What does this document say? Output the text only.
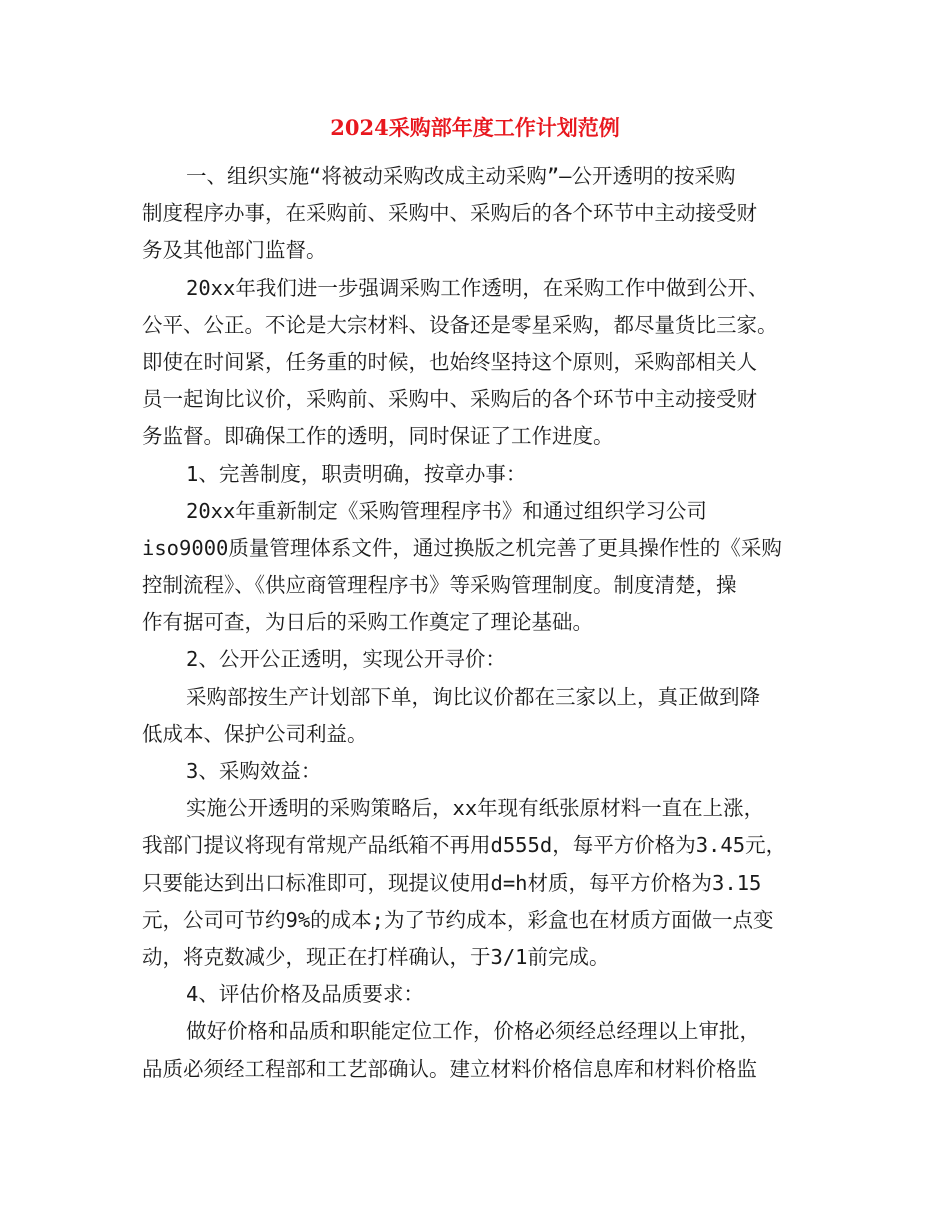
2024采购部年度工作计划范例
一、组织实施“将被动采购改成主动采购”—公开透明的按采购
制度程序办事，在采购前、采购中、采购后的各个环节中主动接受财
务及其他部门监督。
20xx年我们进一步强调采购工作透明，在采购工作中做到公开、
公平、公正。不论是大宗材料、设备还是零星采购，都尽量货比三家。
即使在时间紧，任务重的时候，也始终坚持这个原则，采购部相关人
员一起询比议价，采购前、采购中、采购后的各个环节中主动接受财
务监督。即确保工作的透明，同时保证了工作进度。
1、完善制度，职责明确，按章办事：
20xx年重新制定《采购管理程序书》和通过组织学习公司
iso9000质量管理体系文件，通过换版之机完善了更具操作性的《采购
控制流程》、《供应商管理程序书》等采购管理制度。制度清楚，操
作有据可查，为日后的采购工作奠定了理论基础。
2、公开公正透明，实现公开寻价：
采购部按生产计划部下单，询比议价都在三家以上，真正做到降
低成本、保护公司利益。
3、采购效益：
实施公开透明的采购策略后，xx年现有纸张原材料一直在上涨，
我部门提议将现有常规产品纸箱不再用d555d，每平方价格为3.45元，
只要能达到出口标准即可，现提议使用d=h材质，每平方价格为3.15
元，公司可节约9%的成本;为了节约成本，彩盒也在材质方面做一点变
动，将克数减少，现正在打样确认，于3/1前完成。
4、评估价格及品质要求：
做好价格和品质和职能定位工作，价格必须经总经理以上审批，
品质必须经工程部和工艺部确认。建立材料价格信息库和材料价格监
